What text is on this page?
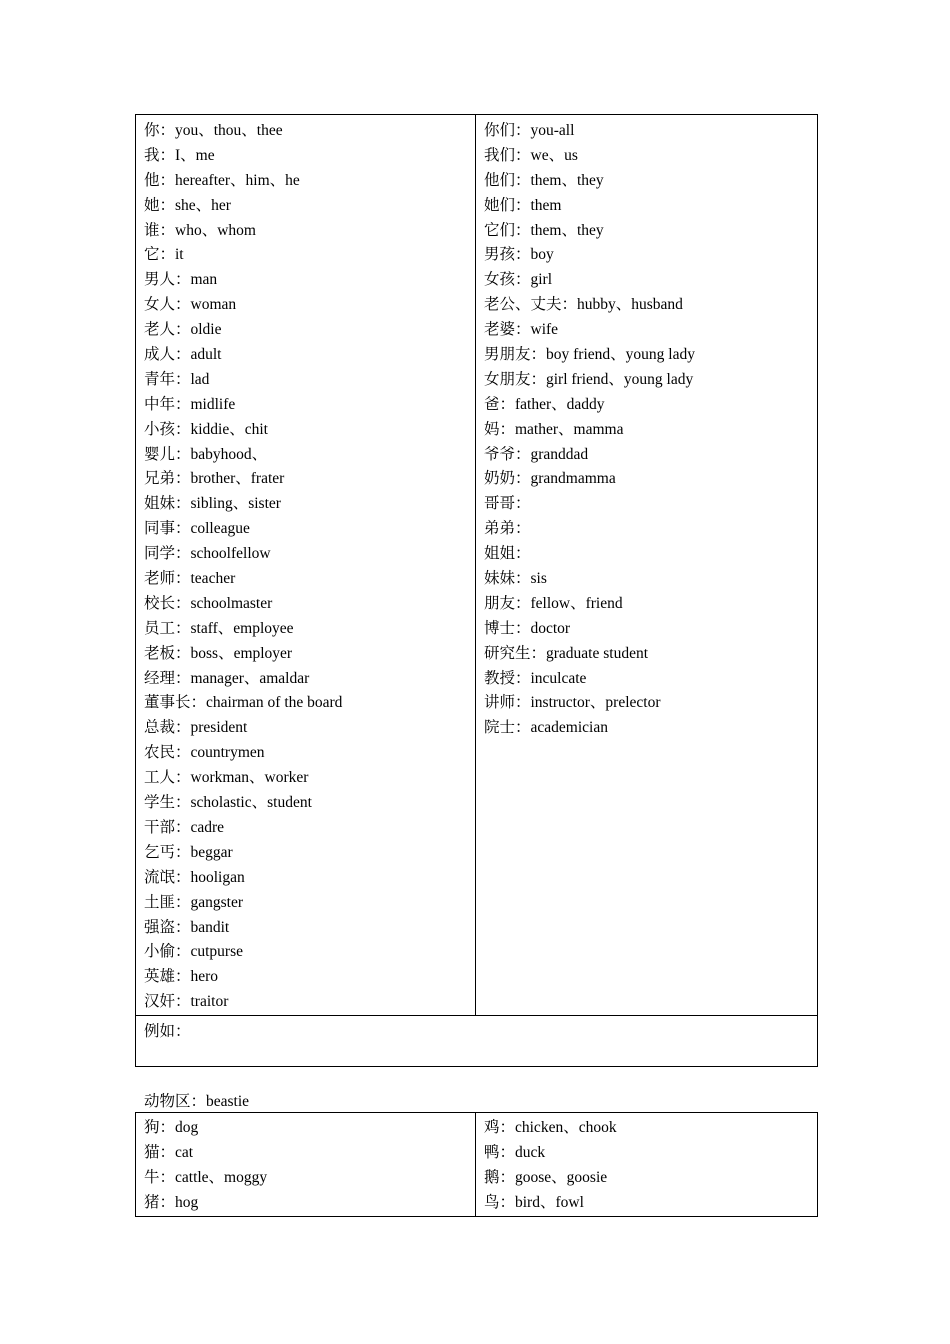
你：you、thou、thee
我：I、me
他：hereafter、him、he
她：she、her
谁：who、whom
它：it
男人：man
女人：woman
老人：oldie
成人：adult
青年：lad
中年：midlife
小孩：kiddie、chit
婴儿：babyhood、
兄弟：brother、frater
姐妹：sibling、sister
同事：colleague
同学：schoolfellow
老师：teacher
校长：schoolmaster
员工：staff、employee
老板：boss、employer
经理：manager、amaldar
董事长：chairman of the board
总裁：president
农民：countrymen
工人：workman、worker
学生：scholastic、student
干部：cadre
乞丐：beggar
流氓：hooligan
土匪：gangster
强盗：bandit
小偷：cutpurse
英雄：hero
汉奸：traitor

你们：you-all
我们：we、us
他们：them、they
她们：them
它们：them、they
男孩：boy
女孩：girl
老公、丈夫：hubby、husband
老婆：wife
男朋友：boy friend、young lady
女朋友：girl friend、young lady
爸：father、daddy
妈：mather、mamma
爷爷：granddad
奶奶：grandmamma
哥哥：
弟弟：
姐姐：
妹妹：sis
朋友：fellow、friend
博士：doctor
研究生：graduate student
教授：inculcate
讲师：instructor、prelector
院士：academician

例如：
动物区：beastie
狗：dog
猫：cat
牛：cattle、moggy
猪：hog

鸡：chicken、chook
鸭：duck
鹅：goose、goosie
鸟：bird、fowl
